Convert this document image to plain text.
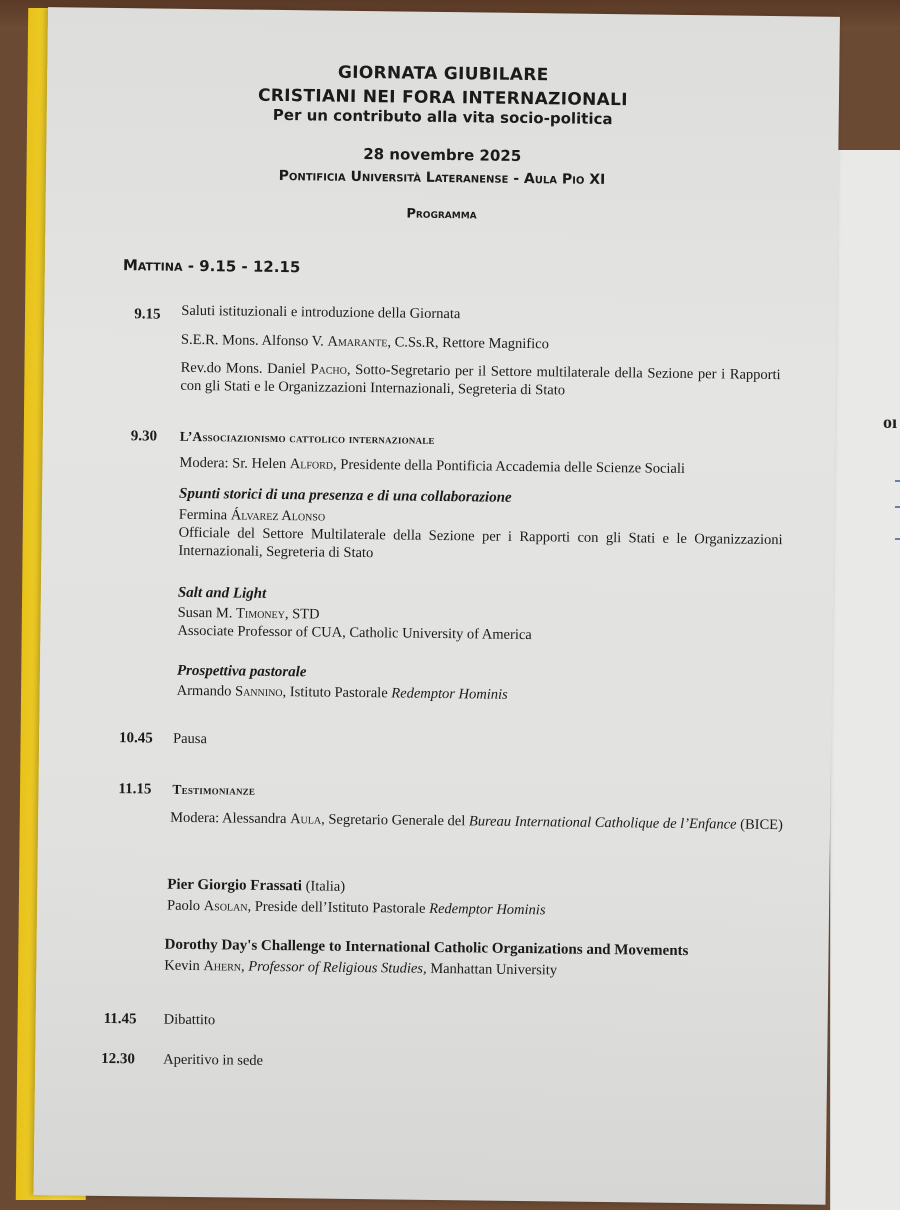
oı
GIORNATA GIUBILARE
CRISTIANI NEI FORA INTERNAZIONALI
Per un contributo alla vita socio-politica
28 novembre 2025
Pontificia Università Lateranense - Aula Pio XI
Programma
Mattina - 9.15 - 12.15
9.15 Saluti istituzionali e introduzione della Giornata
S.E.R. Mons. Alfonso V. Amarante, C.Ss.R, Rettore Magnifico
Rev.do Mons. Daniel Pacho, Sotto-Segretario per il Settore multilaterale della Sezione per i Rapporti con gli Stati e le Organizzazioni Internazionali, Segreteria di Stato
9.30 L’Associazionismo cattolico internazionale
Modera: Sr. Helen Alford, Presidente della Pontificia Accademia delle Scienze Sociali
Spunti storici di una presenza e di una collaborazione
Fermina Álvarez Alonso
Officiale del Settore Multilaterale della Sezione per i Rapporti con gli Stati e le Organizzazioni Internazionali, Segreteria di Stato
Salt and Light
Susan M. Timoney, STD
Associate Professor of CUA, Catholic University of America
Prospettiva pastorale
Armando Sannino, Istituto Pastorale Redemptor Hominis
10.45 Pausa
11.15 Testimonianze
Modera: Alessandra Aula, Segretario Generale del Bureau International Catholique de l’Enfance (BICE)
Pier Giorgio Frassati (Italia)
Paolo Asolan, Preside dell’Istituto Pastorale Redemptor Hominis
Dorothy Day's Challenge to International Catholic Organizations and Movements
Kevin Ahern, Professor of Religious Studies, Manhattan University
11.45 Dibattito
12.30 Aperitivo in sede
